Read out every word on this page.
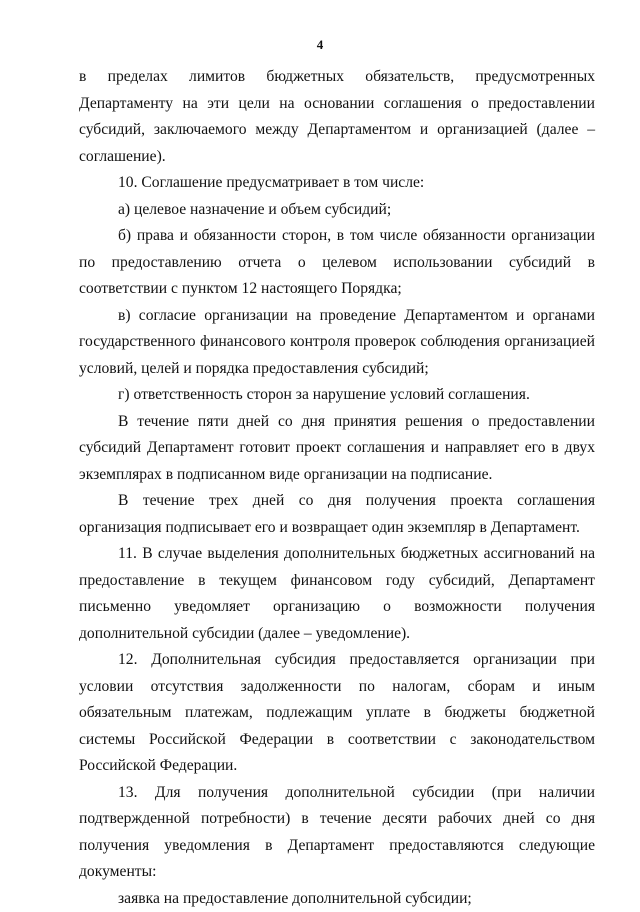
4

в пределах лимитов бюджетных обязательств, предусмотренных Департаменту на эти цели на основании соглашения о предоставлении субсидий, заключаемого между Департаментом и организацией (далее – соглашение).

10. Соглашение предусматривает в том числе:

а) целевое назначение и объем субсидий;

б) права и обязанности сторон, в том числе обязанности организации по предоставлению отчета о целевом использовании субсидий в соответствии с пунктом 12 настоящего Порядка;

в) согласие организации на проведение Департаментом и органами государственного финансового контроля проверок соблюдения организацией условий, целей и порядка предоставления субсидий;

г) ответственность сторон за нарушение условий соглашения.

В течение пяти дней со дня принятия решения о предоставлении субсидий Департамент готовит проект соглашения и направляет его в двух экземплярах в подписанном виде организации на подписание.

В течение трех дней со дня получения проекта соглашения организация подписывает его и возвращает один экземпляр в Департамент.

11. В случае выделения дополнительных бюджетных ассигнований на предоставление в текущем финансовом году субсидий, Департамент письменно уведомляет организацию о возможности получения дополнительной субсидии (далее – уведомление).

12. Дополнительная субсидия предоставляется организации при условии отсутствия задолженности по налогам, сборам и иным обязательным платежам, подлежащим уплате в бюджеты бюджетной системы Российской Федерации в соответствии с законодательством Российской Федерации.

13. Для получения дополнительной субсидии (при наличии подтвержденной потребности) в течение десяти рабочих дней со дня получения уведомления в Департамент предоставляются следующие документы:

заявка на предоставление дополнительной субсидии;
